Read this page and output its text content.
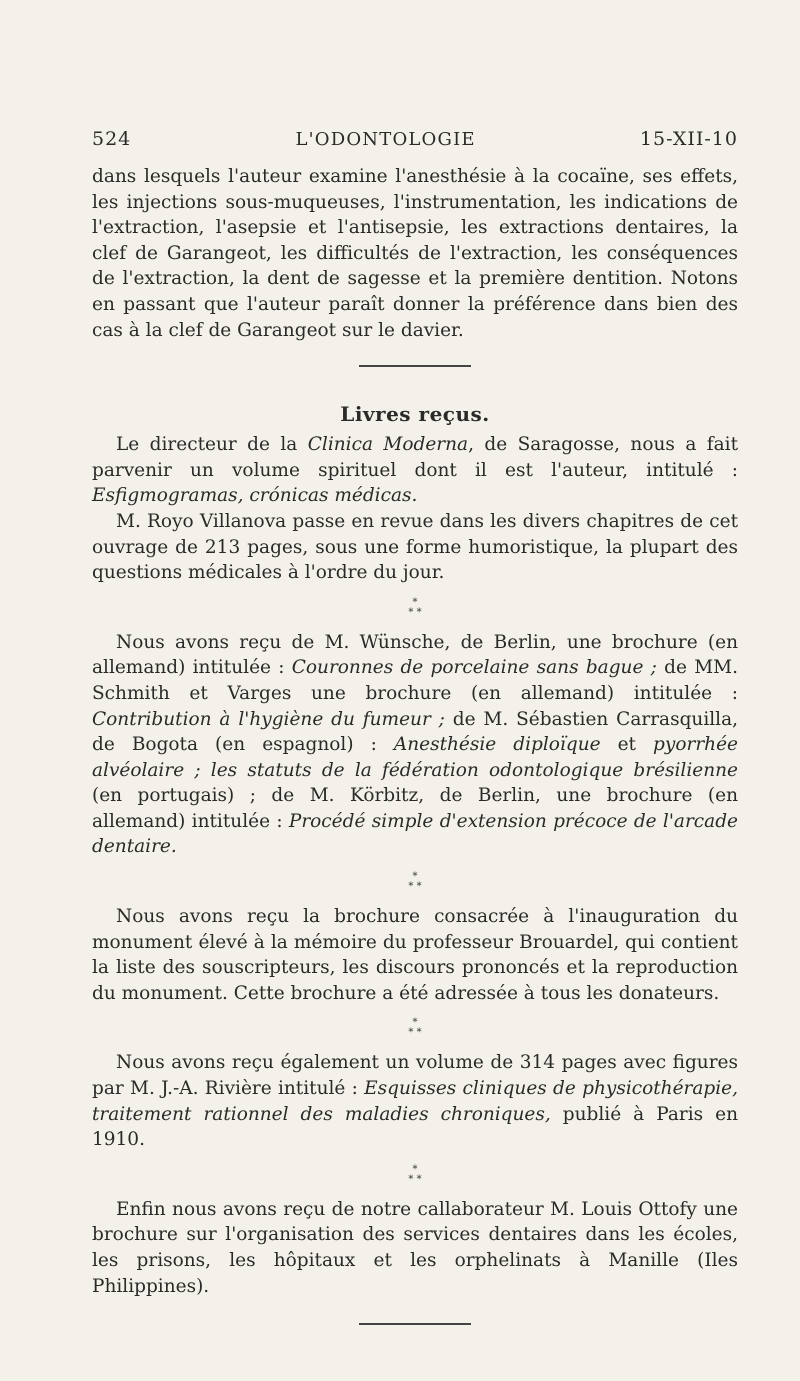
524	L'ODONTOLOGIE	15-XII-10

dans lesquels l'auteur examine l'anesthésie à la cocaïne, ses effets, les injections sous-muqueuses, l'instrumentation, les indications de l'extraction, l'asepsie et l'antisepsie, les extractions dentaires, la clef de Garangeot, les difficultés de l'extraction, les conséquences de l'extraction, la dent de sagesse et la première dentition. Notons en passant que l'auteur paraît donner la préférence dans bien des cas à la clef de Garangeot sur le davier.

Livres reçus.

Le directeur de la Clinica Moderna, de Saragosse, nous a fait parvenir un volume spirituel dont il est l'auteur, intitulé : Esfigmogramas, crónicas médicas.

M. Royo Villanova passe en revue dans les divers chapitres de cet ouvrage de 213 pages, sous une forme humoristique, la plupart des questions médicales à l'ordre du jour.

*
* *

Nous avons reçu de M. Wünsche, de Berlin, une brochure (en allemand) intitulée : Couronnes de porcelaine sans bague ; de MM. Schmith et Varges une brochure (en allemand) intitulée : Contribution à l'hygiène du fumeur ; de M. Sébastien Carrasquilla, de Bogota (en espagnol) : Anesthésie diploïque et pyorrhée alvéolaire ; les statuts de la fédération odontologique brésilienne (en portugais) ; de M. Körbitz, de Berlin, une brochure (en allemand) intitulée : Procédé simple d'extension précoce de l'arcade dentaire.

*
* *

Nous avons reçu la brochure consacrée à l'inauguration du monument élevé à la mémoire du professeur Brouardel, qui contient la liste des souscripteurs, les discours prononcés et la reproduction du monument. Cette brochure a été adressée à tous les donateurs.

*
* *

Nous avons reçu également un volume de 314 pages avec figures par M. J.-A. Rivière intitulé : Esquisses cliniques de physicothérapie, traitement rationnel des maladies chroniques, publié à Paris en 1910.

*
* *

Enfin nous avons reçu de notre callaborateur M. Louis Ottofy une brochure sur l'organisation des services dentaires dans les écoles, les prisons, les hôpitaux et les orphelinats à Manille (Iles Philippines).
